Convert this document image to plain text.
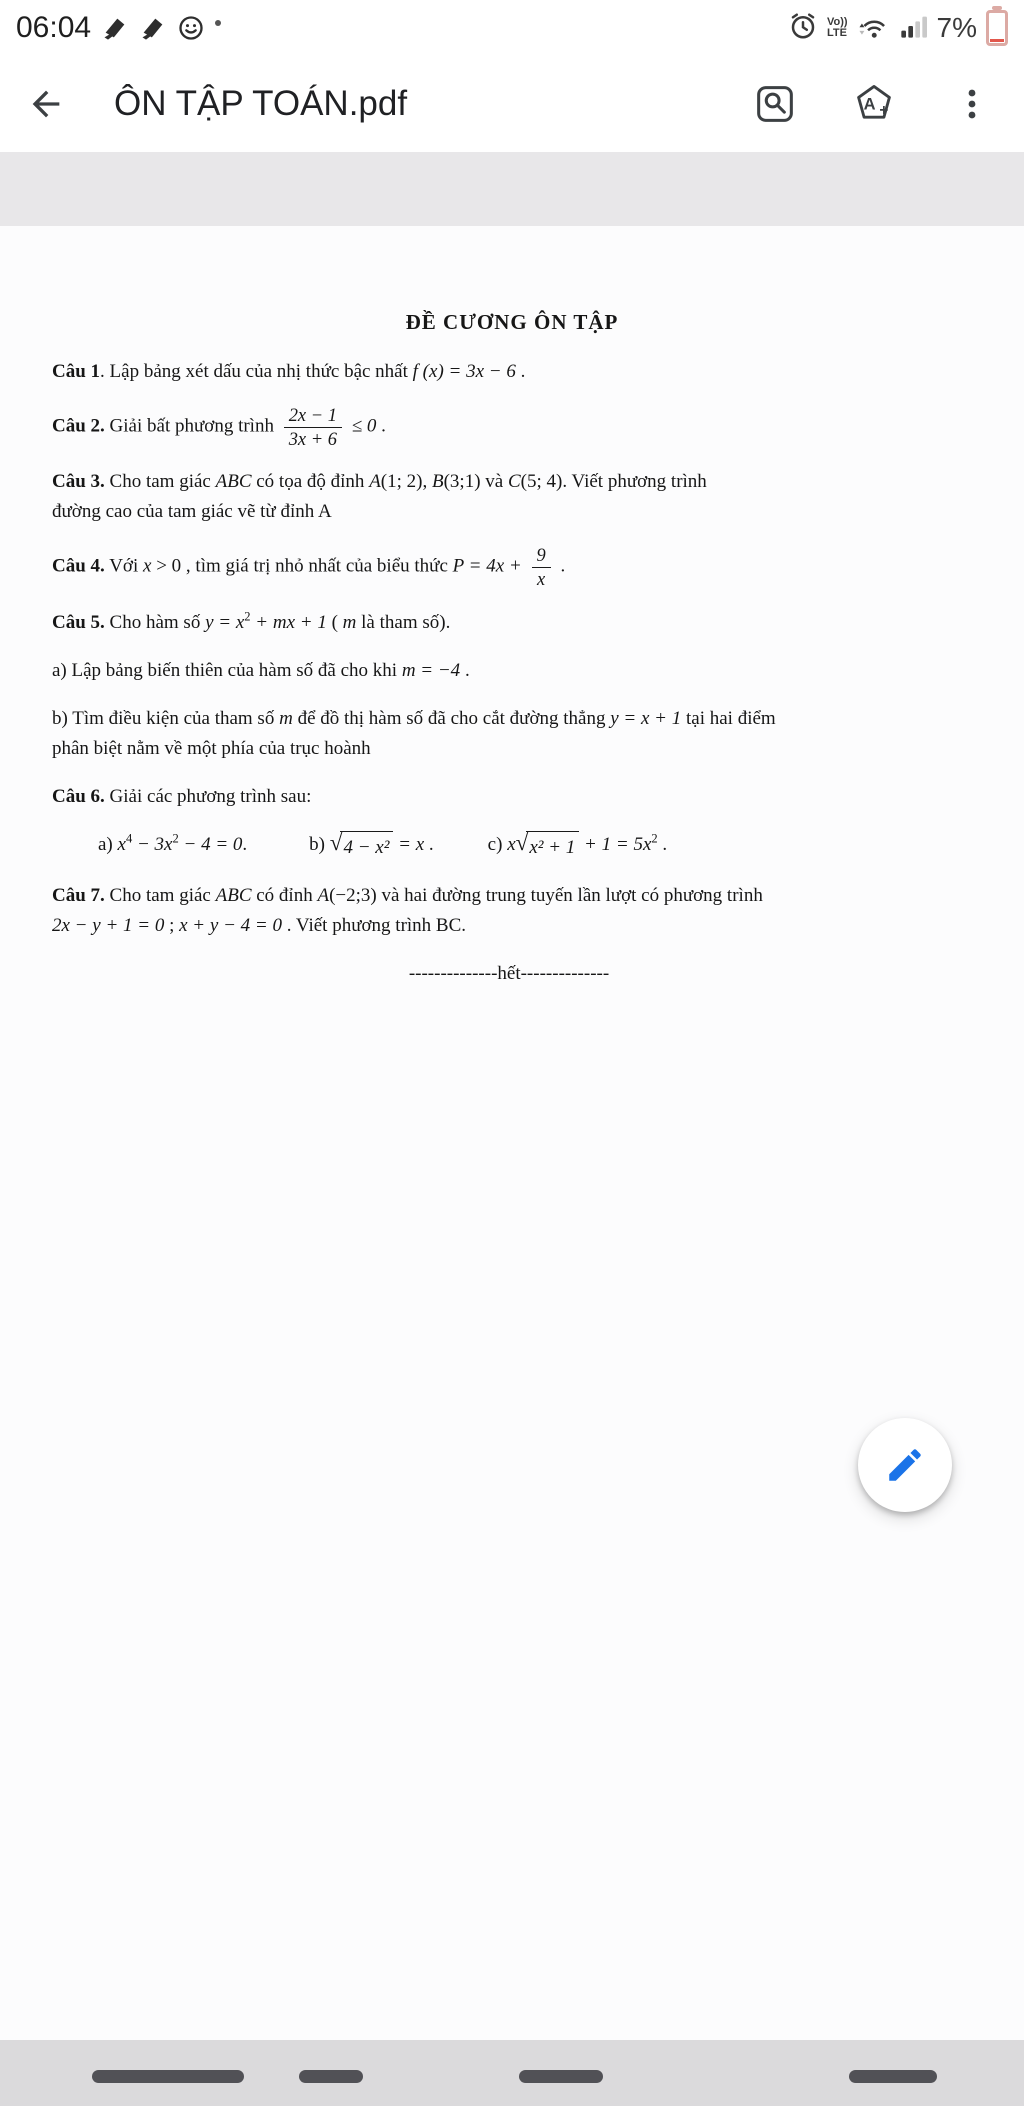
06:04	Vo))
LTE	7%
ÔN TẬP TOÁN.pdf	A +
ĐỀ CƯƠNG ÔN TẬP
Câu 1. Lập bảng xét dấu của nhị thức bậc nhất f (x) = 3x − 6 .
Câu 2. Giải bất phương trình $\frac{2x - 1}{3x + 6} \le 0$ .
Câu 3. Cho tam giác ABC có tọa độ đỉnh A(1; 2), B(3;1) và C(5; 4). Viết phương trình
đường cao của tam giác vẽ từ đỉnh A
Câu 4. Với x > 0 , tìm giá trị nhỏ nhất của biểu thức $P = 4x + \frac{9}{x}$ .
Câu 5. Cho hàm số $y = x^2$ + mx + 1 ( m là tham số).
a) Lập bảng biến thiên của hàm số đã cho khi m = −4 .
b) Tìm điều kiện của tham số m để đồ thị hàm số đã cho cắt đường thẳng y = x + 1 tại hai điểm
phân biệt nằm về một phía của trục hoành
Câu 6. Giải các phương trình sau:
a) $x^4 - 3x^2 - 4 = 0$.	b) √ 4 − x² = x .	c) x √ $x^2 + 1 + 1 = 5x^2$ .
Câu 7. Cho tam giác ABC có đỉnh A(−2;3) và hai đường trung tuyến lần lượt có phương trình
2x − y + 1 = 0 ; x + y − 4 = 0 . Viết phương trình BC.
--------------hết--------------
